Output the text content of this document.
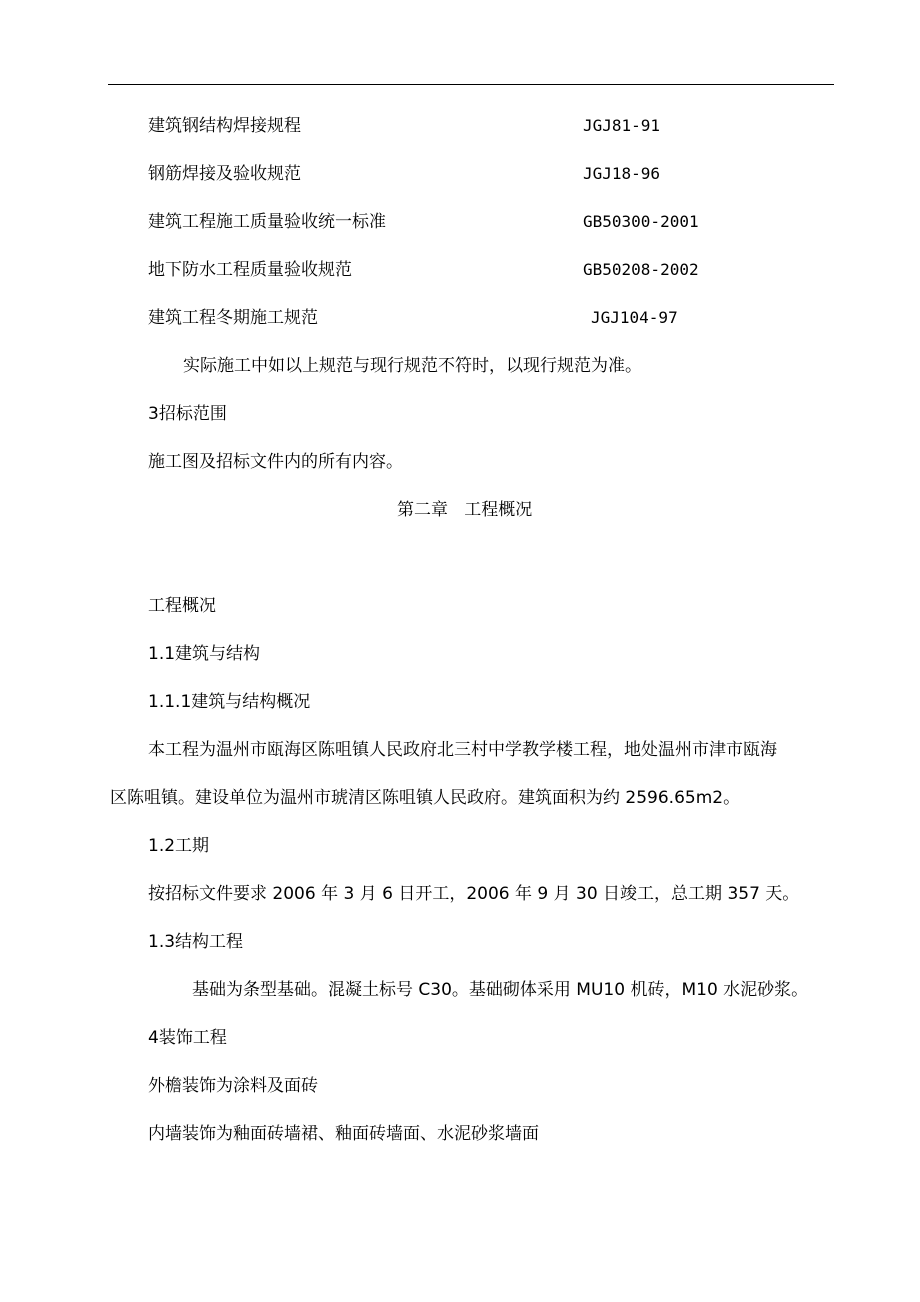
建筑钢结构焊接规程	JGJ81-91
钢筋焊接及验收规范	JGJ18-96
建筑工程施工质量验收统一标准	GB50300-2001
地下防水工程质量验收规范	GB50208-2002
建筑工程冬期施工规范	JGJ104-97
实际施工中如以上规范与现行规范不符时，以现行规范为准。
3招标范围
施工图及招标文件内的所有内容。
第二章   工程概况
工程概况
1.1建筑与结构
1.1.1建筑与结构概况
本工程为温州市瓯海区陈咀镇人民政府北三村中学教学楼工程，地处温州市津市瓯海
区陈咀镇。建设单位为温州市琥清区陈咀镇人民政府。建筑面积为约 2596.65m2。
1.2工期
按招标文件要求 2006 年 3 月 6 日开工，2006 年 9 月 30 日竣工，总工期 357 天。
1.3结构工程
基础为条型基础。混凝土标号 C30。基础砌体采用 MU10 机砖，M10 水泥砂浆。
4装饰工程
外檐装饰为涂料及面砖
内墙装饰为釉面砖墙裙、釉面砖墙面、水泥砂浆墙面
